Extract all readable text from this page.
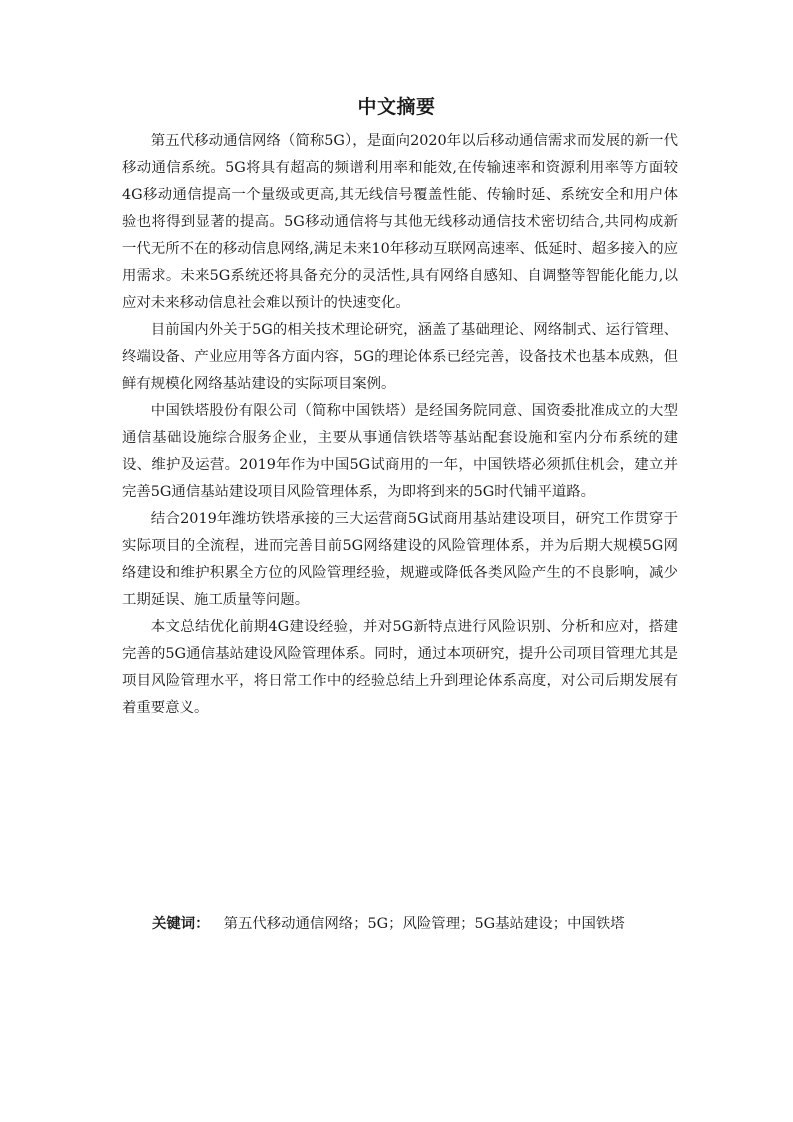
中文摘要

第五代移动通信网络（简称5G），是面向2020年以后移动通信需求而发展的新一代移动通信系统。5G将具有超高的频谱利用率和能效,在传输速率和资源利用率等方面较4G移动通信提高一个量级或更高,其无线信号覆盖性能、传输时延、系统安全和用户体验也将得到显著的提高。5G移动通信将与其他无线移动通信技术密切结合,共同构成新一代无所不在的移动信息网络,满足未来10年移动互联网高速率、低延时、超多接入的应用需求。未来5G系统还将具备充分的灵活性,具有网络自感知、自调整等智能化能力,以应对未来移动信息社会难以预计的快速变化。

目前国内外关于5G的相关技术理论研究，涵盖了基础理论、网络制式、运行管理、终端设备、产业应用等各方面内容，5G的理论体系已经完善，设备技术也基本成熟，但鲜有规模化网络基站建设的实际项目案例。

中国铁塔股份有限公司（简称中国铁塔）是经国务院同意、国资委批准成立的大型通信基础设施综合服务企业，主要从事通信铁塔等基站配套设施和室内分布系统的建设、维护及运营。2019年作为中国5G试商用的一年，中国铁塔必须抓住机会，建立并完善5G通信基站建设项目风险管理体系，为即将到来的5G时代铺平道路。

结合2019年潍坊铁塔承接的三大运营商5G试商用基站建设项目，研究工作贯穿于实际项目的全流程，进而完善目前5G网络建设的风险管理体系，并为后期大规模5G网络建设和维护积累全方位的风险管理经验，规避或降低各类风险产生的不良影响，减少工期延误、施工质量等问题。

本文总结优化前期4G建设经验，并对5G新特点进行风险识别、分析和应对，搭建完善的5G通信基站建设风险管理体系。同时，通过本项研究，提升公司项目管理尤其是项目风险管理水平，将日常工作中的经验总结上升到理论体系高度，对公司后期发展有着重要意义。

关键词： 第五代移动通信网络；5G；风险管理；5G基站建设；中国铁塔
